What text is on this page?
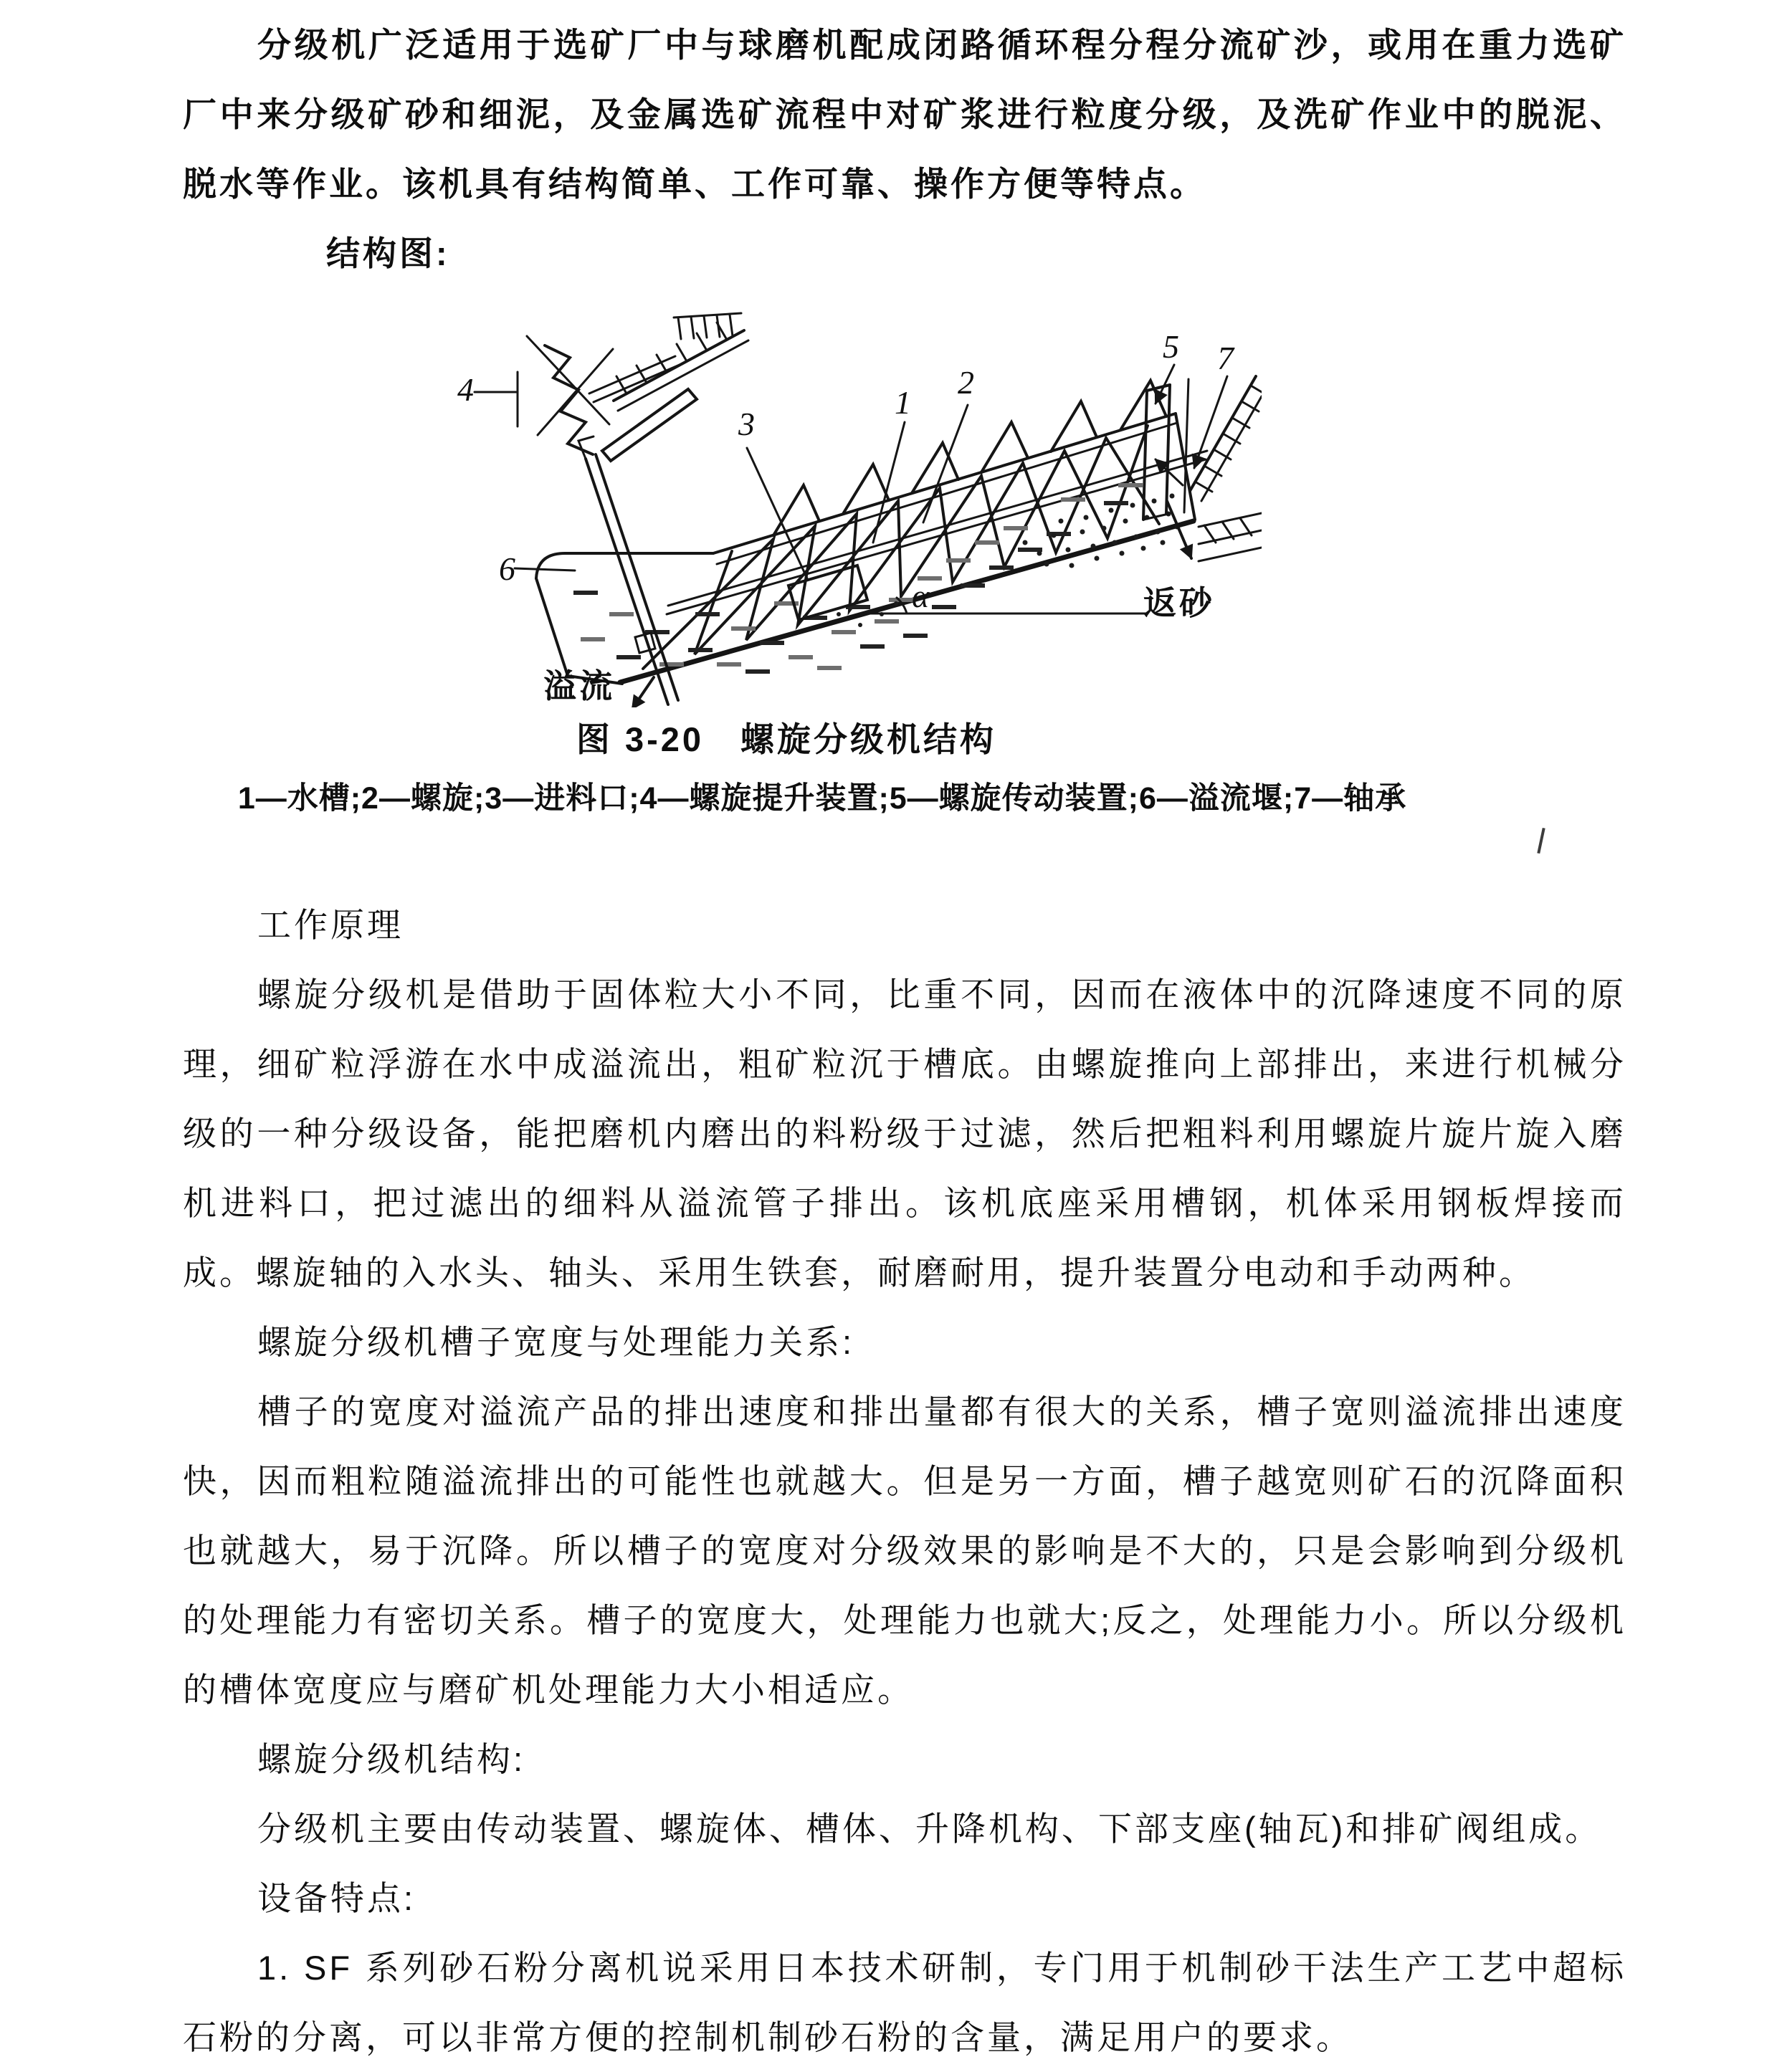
分级机广泛适用于选矿厂中与球磨机配成闭路循环程分程分流矿沙，或用在重力选矿厂中来分级矿砂和细泥，及金属选矿流程中对矿浆进行粒度分级，及洗矿作业中的脱泥、脱水等作业。该机具有结构简单、工作可靠、操作方便等特点。

结构图:

α
4
6
3
1
2
5 7
溢流
返砂

图 3-20　螺旋分级机结构

1—水槽;2—螺旋;3—进料口;4—螺旋提升装置;5—螺旋传动装置;6—溢流堰;7—轴承

工作原理

螺旋分级机是借助于固体粒大小不同，比重不同，因而在液体中的沉降速度不同的原理，细矿粒浮游在水中成溢流出，粗矿粒沉于槽底。由螺旋推向上部排出，来进行机械分级的一种分级设备，能把磨机内磨出的料粉级于过滤，然后把粗料利用螺旋片旋片旋入磨机进料口，把过滤出的细料从溢流管子排出。该机底座采用槽钢，机体采用钢板焊接而成。螺旋轴的入水头、轴头、采用生铁套，耐磨耐用，提升装置分电动和手动两种。

螺旋分级机槽子宽度与处理能力关系:

槽子的宽度对溢流产品的排出速度和排出量都有很大的关系，槽子宽则溢流排出速度快，因而粗粒随溢流排出的可能性也就越大。但是另一方面，槽子越宽则矿石的沉降面积也就越大，易于沉降。所以槽子的宽度对分级效果的影响是不大的，只是会影响到分级机的处理能力有密切关系。槽子的宽度大，处理能力也就大;反之，处理能力小。所以分级机的槽体宽度应与磨矿机处理能力大小相适应。

螺旋分级机结构:

分级机主要由传动装置、螺旋体、槽体、升降机构、下部支座(轴瓦)和排矿阀组成。

设备特点:

1. SF 系列砂石粉分离机说采用日本技术研制，专门用于机制砂干法生产工艺中超标石粉的分离，可以非常方便的控制机制砂石粉的含量，满足用户的要求。
